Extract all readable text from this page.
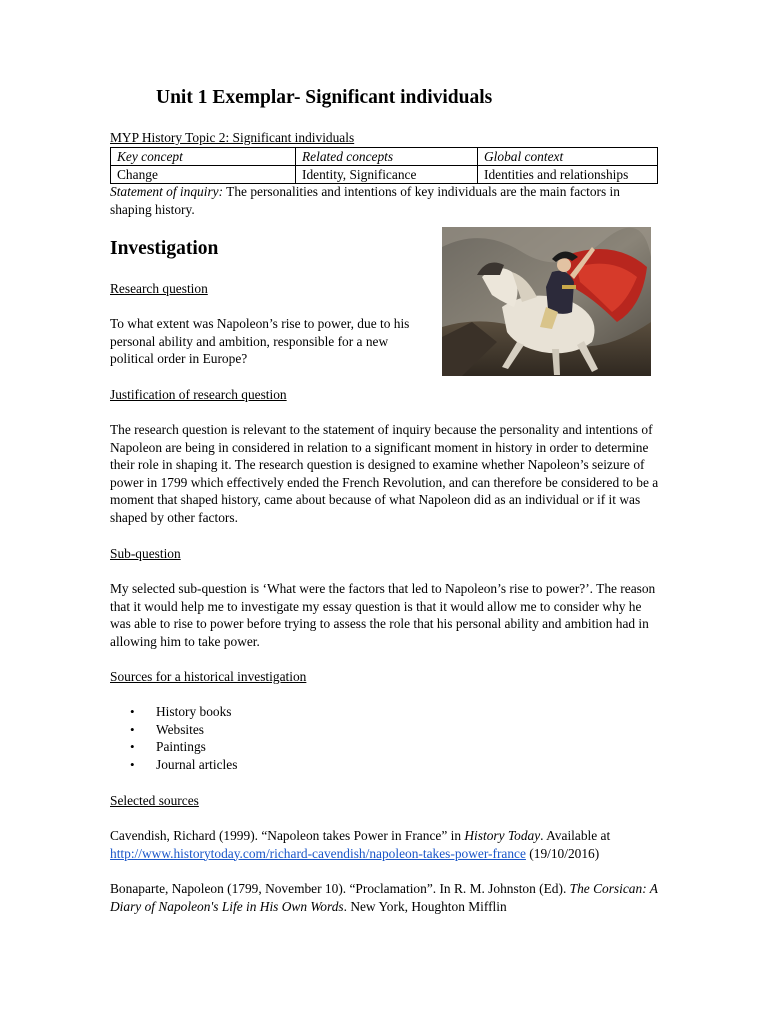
Unit 1 Exemplar- Significant individuals
MYP History Topic 2: Significant individuals
Key concept	Related concepts	Global context
Change	Identity, Significance	Identities and relationships
Statement of inquiry: The personalities and intentions of key individuals are the main factors in shaping history.
Investigation
Research question
To what extent was Napoleon’s rise to power, due to his personal ability and ambition, responsible for a new political order in Europe?
Justification of research question
The research question is relevant to the statement of inquiry because the personality and intentions of Napoleon are being in considered in relation to a significant moment in history in order to determine their role in shaping it. The research question is designed to examine whether Napoleon’s seizure of power in 1799 which effectively ended the French Revolution, and can therefore be considered to be a moment that shaped history, came about because of what Napoleon did as an individual or if it was shaped by other factors.
Sub-question
My selected sub-question is ‘What were the factors that led to Napoleon’s rise to power?’. The reason that it would help me to investigate my essay question is that it would allow me to consider why he was able to rise to power before trying to assess the role that his personal ability and ambition had in allowing him to take power.
Sources for a historical investigation
• History books
• Websites
• Paintings
• Journal articles
Selected sources
Cavendish, Richard (1999). “Napoleon takes Power in France” in History Today. Available at
http://www.historytoday.com/richard-cavendish/napoleon-takes-power-france (19/10/2016)
Bonaparte, Napoleon (1799, November 10). “Proclamation”. In R. M. Johnston (Ed). The Corsican: A Diary of Napoleon's Life in His Own Words. New York, Houghton Mifflin
